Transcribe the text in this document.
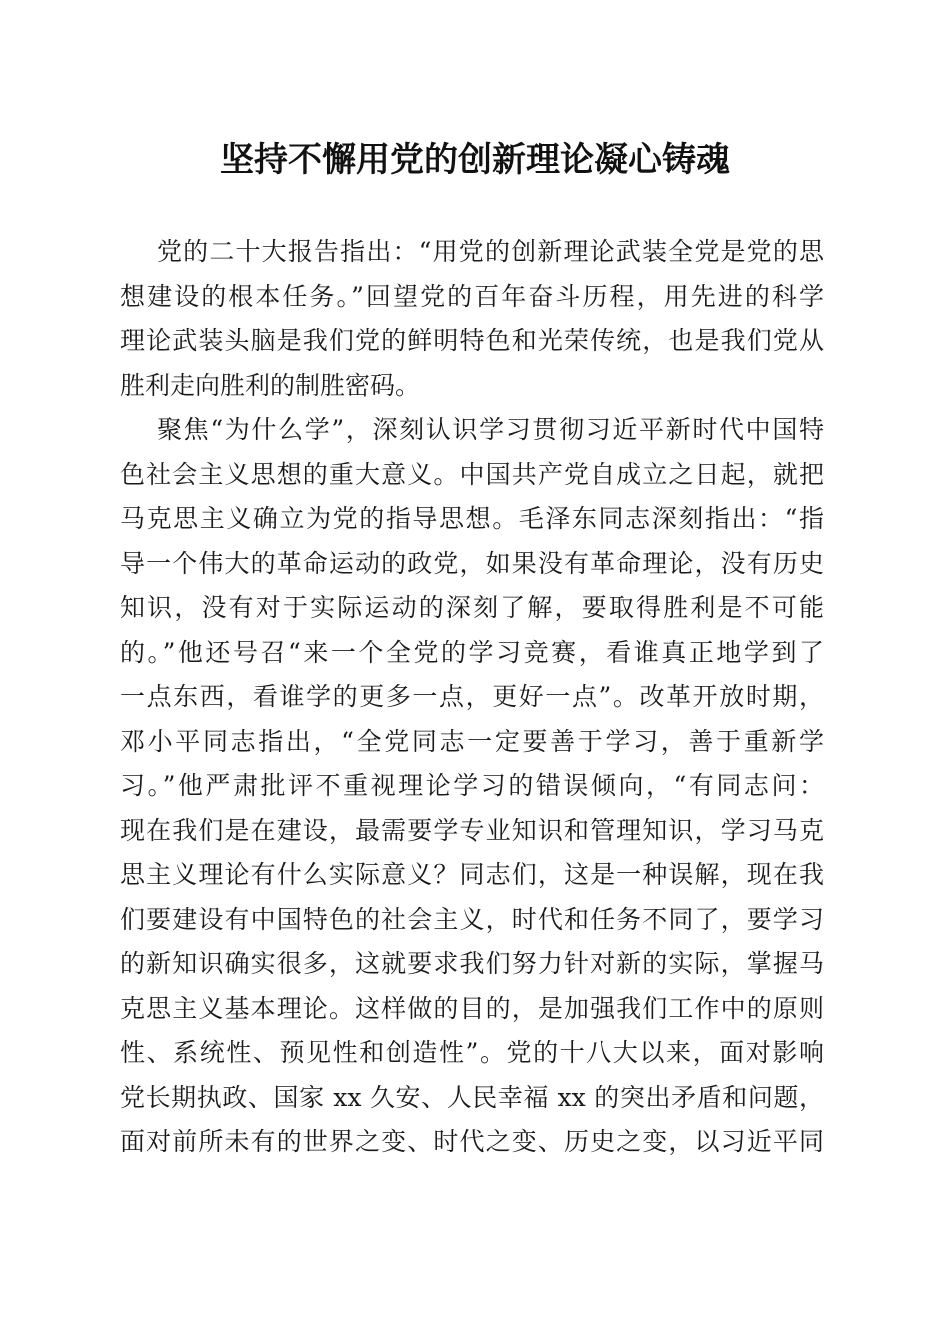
坚持不懈用党的创新理论凝心铸魂
党的二十大报告指出：“用党的创新理论武装全党是党的思
想建设的根本任务。”回望党的百年奋斗历程，用先进的科学
理论武装头脑是我们党的鲜明特色和光荣传统，也是我们党从
胜利走向胜利的制胜密码。
聚焦“为什么学”，深刻认识学习贯彻习近平新时代中国特
色社会主义思想的重大意义。中国共产党自成立之日起，就把
马克思主义确立为党的指导思想。毛泽东同志深刻指出：“指
导一个伟大的革命运动的政党，如果没有革命理论，没有历史
知识，没有对于实际运动的深刻了解，要取得胜利是不可能
的。”他还号召“来一个全党的学习竞赛，看谁真正地学到了
一点东西，看谁学的更多一点，更好一点”。改革开放时期，
邓小平同志指出，“全党同志一定要善于学习，善于重新学
习。”他严肃批评不重视理论学习的错误倾向，“有同志问：
现在我们是在建设，最需要学专业知识和管理知识，学习马克
思主义理论有什么实际意义？同志们，这是一种误解，现在我
们要建设有中国特色的社会主义，时代和任务不同了，要学习
的新知识确实很多，这就要求我们努力针对新的实际，掌握马
克思主义基本理论。这样做的目的，是加强我们工作中的原则
性、系统性、预见性和创造性”。党的十八大以来，面对影响
党长期执政、国家 xx 久安、人民幸福 xx 的突出矛盾和问题，
面对前所未有的世界之变、时代之变、历史之变，以习近平同
